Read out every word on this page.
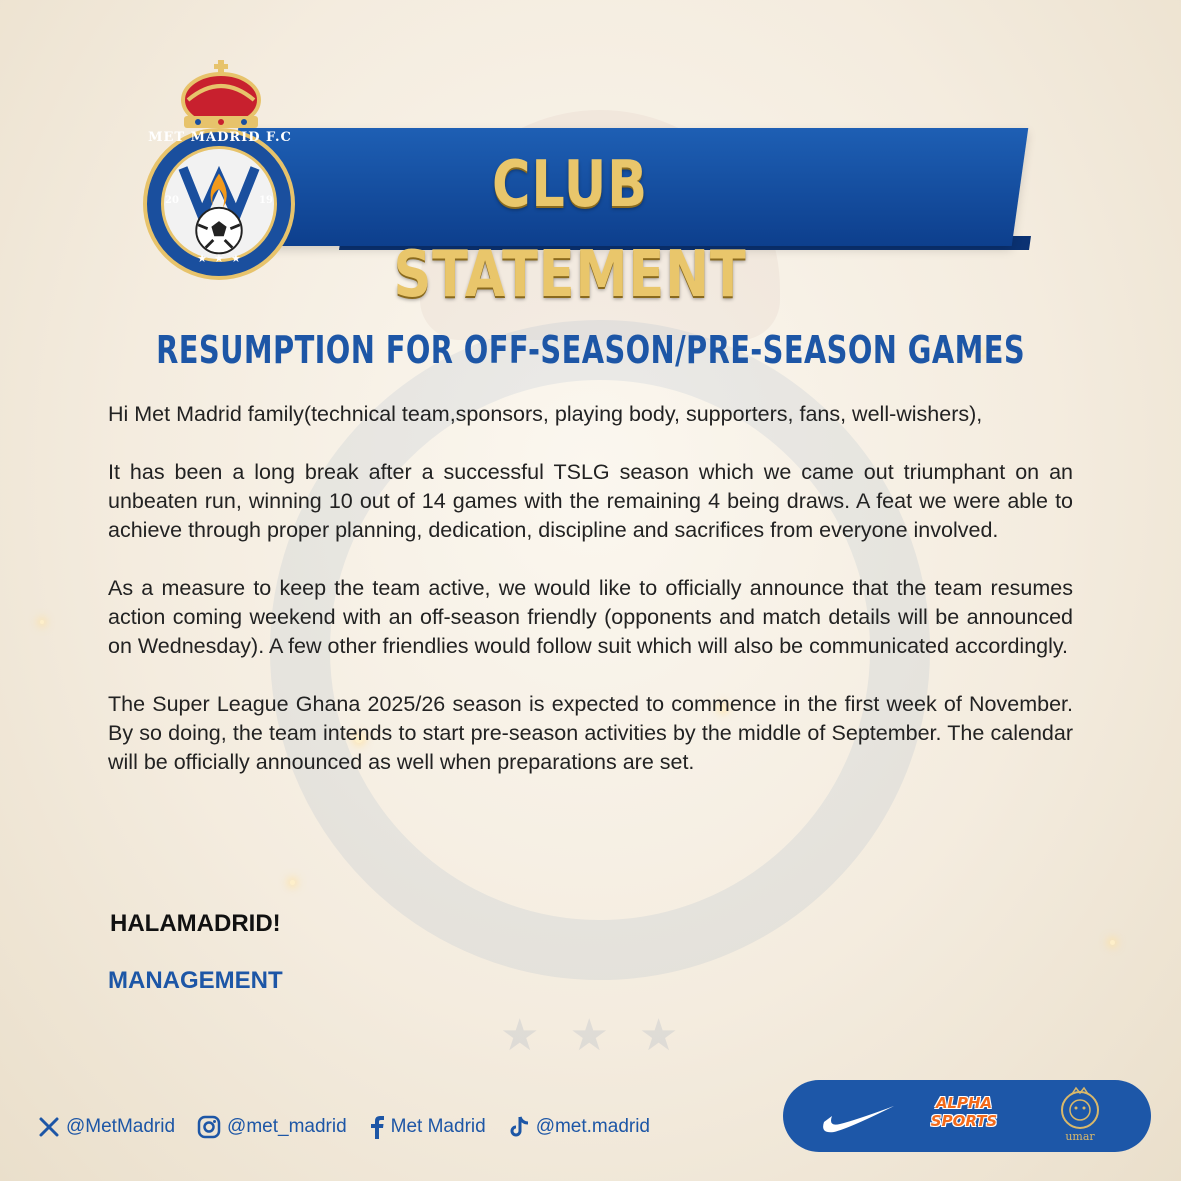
★★★
CLUB STATEMENT
MET MADRID F.C
20	19
★ ★ ★
RESUMPTION FOR OFF-SEASON/PRE-SEASON GAMES

Hi Met Madrid family(technical team,sponsors, playing body, supporters, fans, well-wishers),

It has been a long break after a successful TSLG season which we came out triumphant on an unbeaten run, winning 10 out of 14 games with the remaining 4 being draws. A feat we were able to achieve through proper planning, dedication, discipline and sacrifices from everyone involved.

As a measure to keep the team active, we would like to officially announce that the team resumes action coming weekend with an off-season friendly (opponents and match details will be announced on Wednesday). A few other friendlies would follow suit which will also be communicated accordingly.

The Super League Ghana 2025/26 season is expected to commence in the first week of November. By so doing, the team intends to start pre-season activities by the middle of September. The calendar will be officially announced as well when preparations are set.

HALAMADRID!
MANAGEMENT
@MetMadrid	@met_madrid Met Madrid	@met.madrid
ALPHA
SPORTS
umar
